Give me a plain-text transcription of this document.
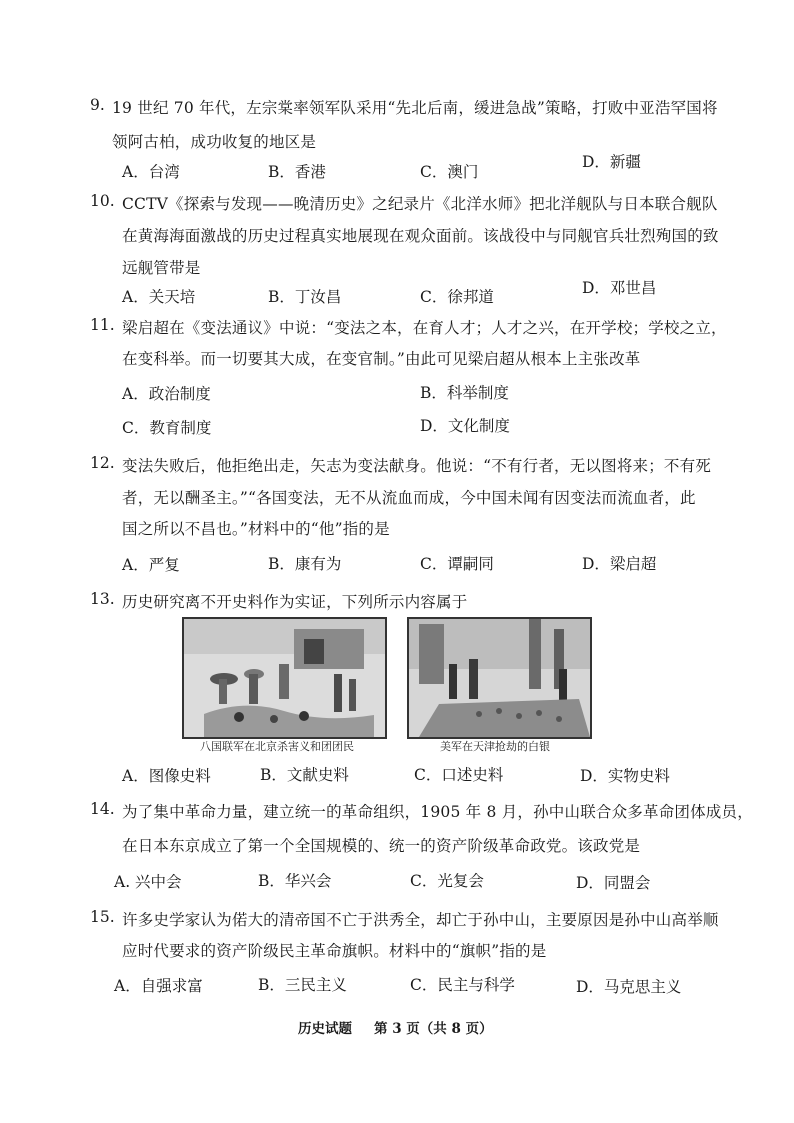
9. 19 世纪 70 年代，左宗棠率领军队采用“先北后南，缓进急战”策略，打败中亚浩罕国将
领阿古柏，成功收复的地区是
A．台湾	B．香港	C．澳门
D．新疆
10. CCTV《探索与发现——晚清历史》之纪录片《北洋水师》把北洋舰队与日本联合舰队
在黄海海面激战的历史过程真实地展现在观众面前。该战役中与同舰官兵壮烈殉国的致
远舰管带是
A．关天培	B．丁汝昌	C．徐邦道	D．邓世昌
11. 梁启超在《变法通议》中说：“变法之本，在育人才；人才之兴，在开学校；学校之立，
在变科举。而一切要其大成，在变官制。”由此可见梁启超从根本上主张改革
A．政治制度	B．科举制度
C．教育制度	D．文化制度
12. 变法失败后，他拒绝出走，矢志为变法献身。他说：“不有行者，无以图将来；不有死
者，无以酬圣主。”“各国变法，无不从流血而成，今中国未闻有因变法而流血者，此
国之所以不昌也。”材料中的“他”指的是
A．严复	B．康有为	C．谭嗣同	D．梁启超
13. 历史研究离不开史料作为实证，下列所示内容属于
八国联军在北京杀害义和团团民	美军在天津抢劫的白银
A．图像史料	B．文献史料	C．口述史料	D．实物史料
14. 为了集中革命力量，建立统一的革命组织，1905 年 8 月，孙中山联合众多革命团体成员，
在日本东京成立了第一个全国规模的、统一的资产阶级革命政党。该政党是
A. 兴中会	B．华兴会	C．光复会	D．同盟会
15. 许多史学家认为偌大的清帝国不亡于洪秀全，却亡于孙中山，主要原因是孙中山高举顺
应时代要求的资产阶级民主革命旗帜。材料中的“旗帜”指的是
A．自强求富	B．三民主义	C．民主与科学	D．马克思主义
历史试题 第 3 页（共 8 页）
